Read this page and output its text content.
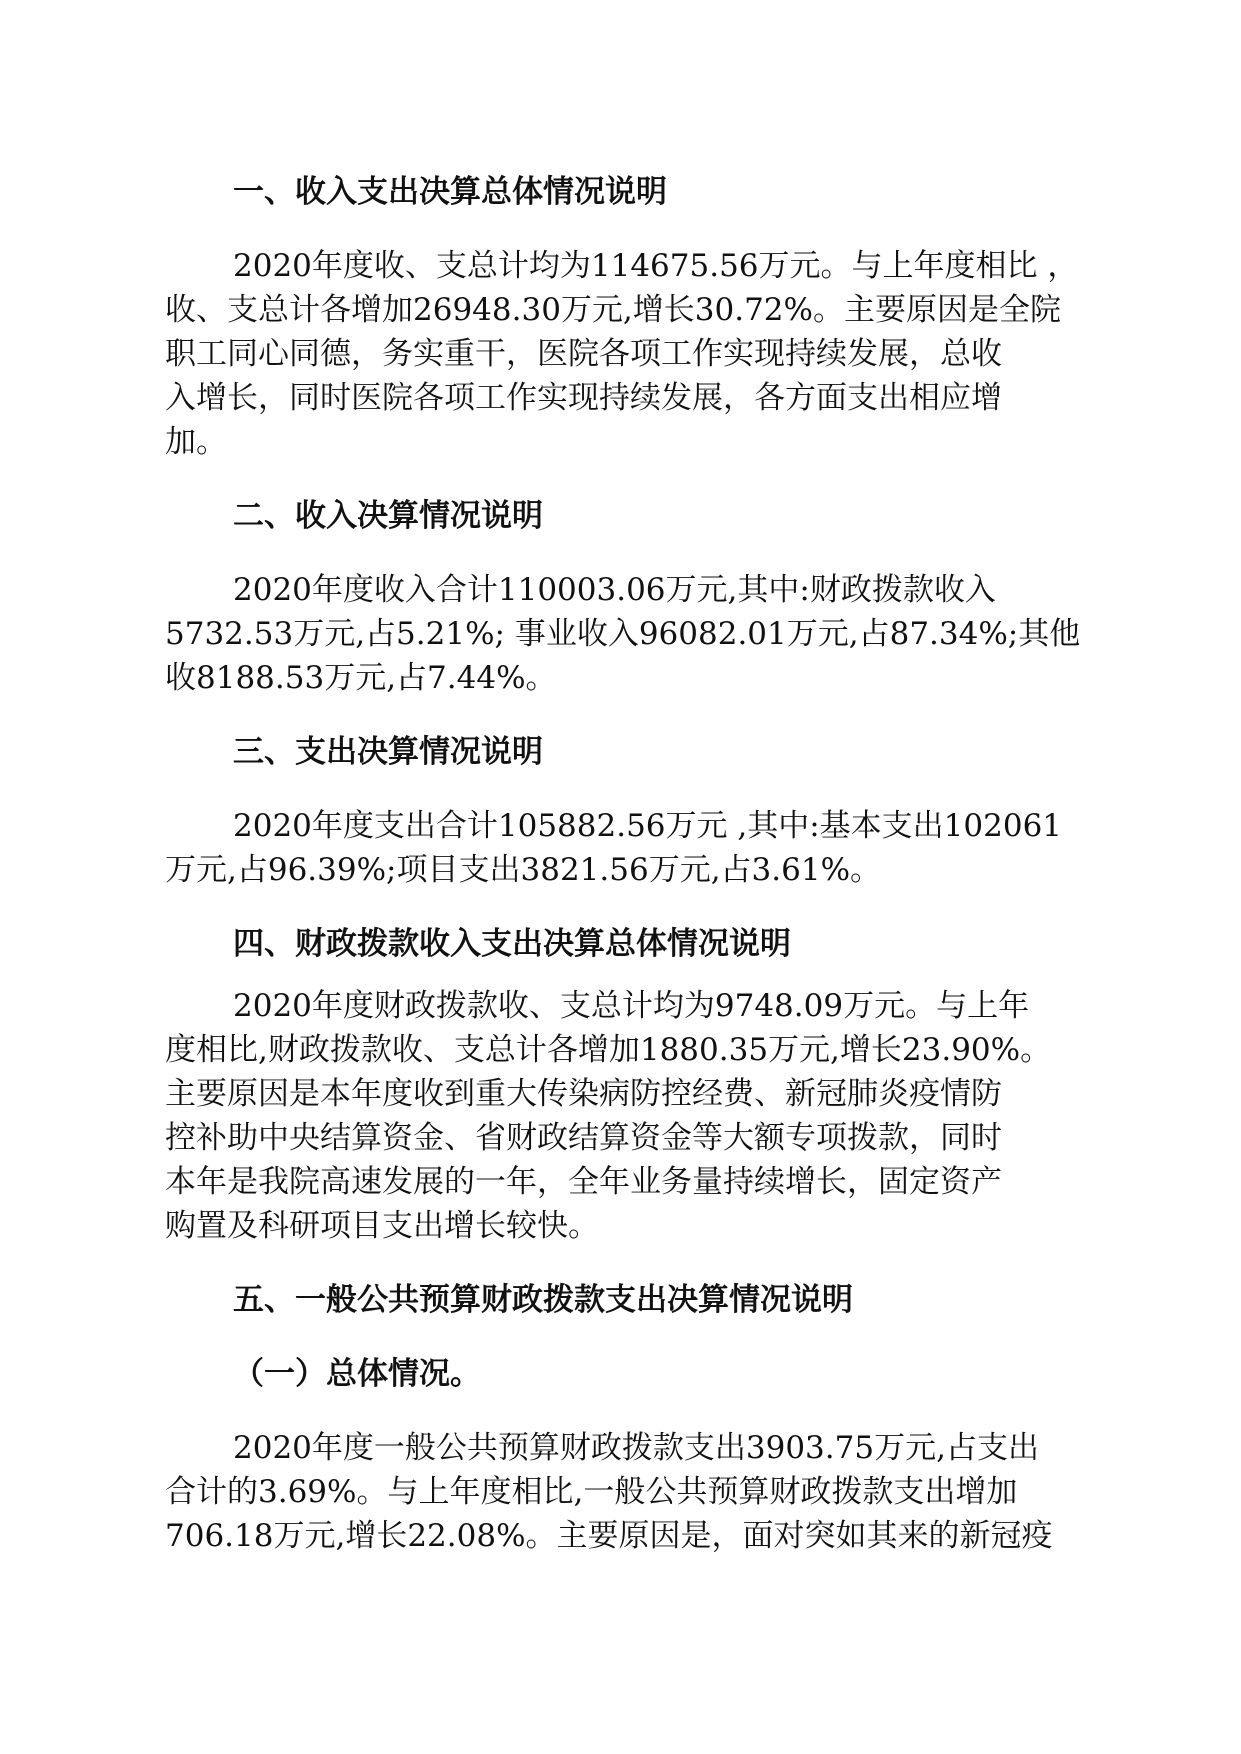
一、收入支出决算总体情况说明
2020年度收、支总计均为114675.56万元。与上年度相比 ，
收、支总计各增加26948.30万元,增长30.72%。主要原因是全院
职工同心同德，务实重干，医院各项工作实现持续发展，总收
入增长，同时医院各项工作实现持续发展，各方面支出相应增
加。
二、收入决算情况说明
2020年度收入合计110003.06万元,其中:财政拨款收入
5732.53万元,占5.21%; 事业收入96082.01万元,占87.34%;其他
收8188.53万元,占7.44%。
三、支出决算情况说明
2020年度支出合计105882.56万元 ,其中:基本支出102061
万元,占96.39%;项目支出3821.56万元,占3.61%。
四、财政拨款收入支出决算总体情况说明
2020年度财政拨款收、支总计均为9748.09万元。与上年
度相比,财政拨款收、支总计各增加1880.35万元,增长23.90%。
主要原因是本年度收到重大传染病防控经费、新冠肺炎疫情防
控补助中央结算资金、省财政结算资金等大额专项拨款，同时
本年是我院高速发展的一年，全年业务量持续增长，固定资产
购置及科研项目支出增长较快。
五、一般公共预算财政拨款支出决算情况说明
（一）总体情况。
2020年度一般公共预算财政拨款支出3903.75万元,占支出
合计的3.69%。与上年度相比,一般公共预算财政拨款支出增加
706.18万元,增长22.08%。主要原因是，面对突如其来的新冠疫
